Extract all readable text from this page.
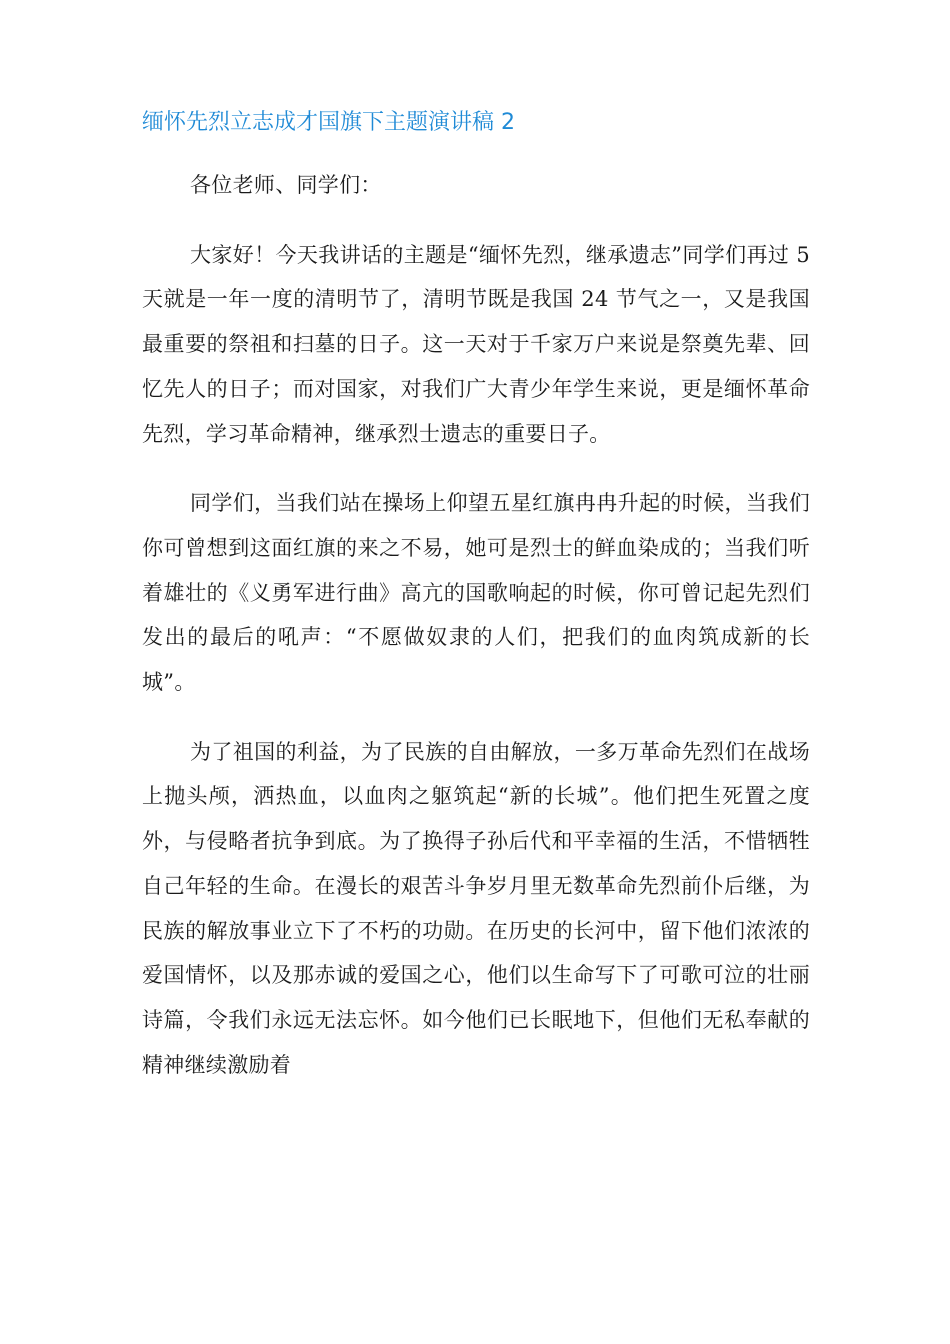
缅怀先烈立志成才国旗下主题演讲稿 2

各位老师、同学们：

大家好！今天我讲话的主题是“缅怀先烈，继承遗志”同学们再过 5 天就是一年一度的清明节了，清明节既是我国 24 节气之一，又是我国最重要的祭祖和扫墓的日子。这一天对于千家万户来说是祭奠先辈、回忆先人的日子；而对国家，对我们广大青少年学生来说，更是缅怀革命先烈，学习革命精神，继承烈士遗志的重要日子。

同学们，当我们站在操场上仰望五星红旗冉冉升起的时候，当我们你可曾想到这面红旗的来之不易，她可是烈士的鲜血染成的；当我们听着雄壮的《义勇军进行曲》高亢的国歌响起的时候，你可曾记起先烈们发出的最后的吼声：“不愿做奴隶的人们，把我们的血肉筑成新的长城”。

为了祖国的利益，为了民族的自由解放，一多万革命先烈们在战场上抛头颅，洒热血，以血肉之躯筑起“新的长城”。他们把生死置之度外，与侵略者抗争到底。为了换得子孙后代和平幸福的生活，不惜牺牲自己年轻的生命。在漫长的艰苦斗争岁月里无数革命先烈前仆后继，为民族的解放事业立下了不朽的功勋。在历史的长河中，留下他们浓浓的爱国情怀，以及那赤诚的爱国之心，他们以生命写下了可歌可泣的壮丽诗篇，令我们永远无法忘怀。如今他们已长眠地下，但他们无私奉献的精神继续激励着
